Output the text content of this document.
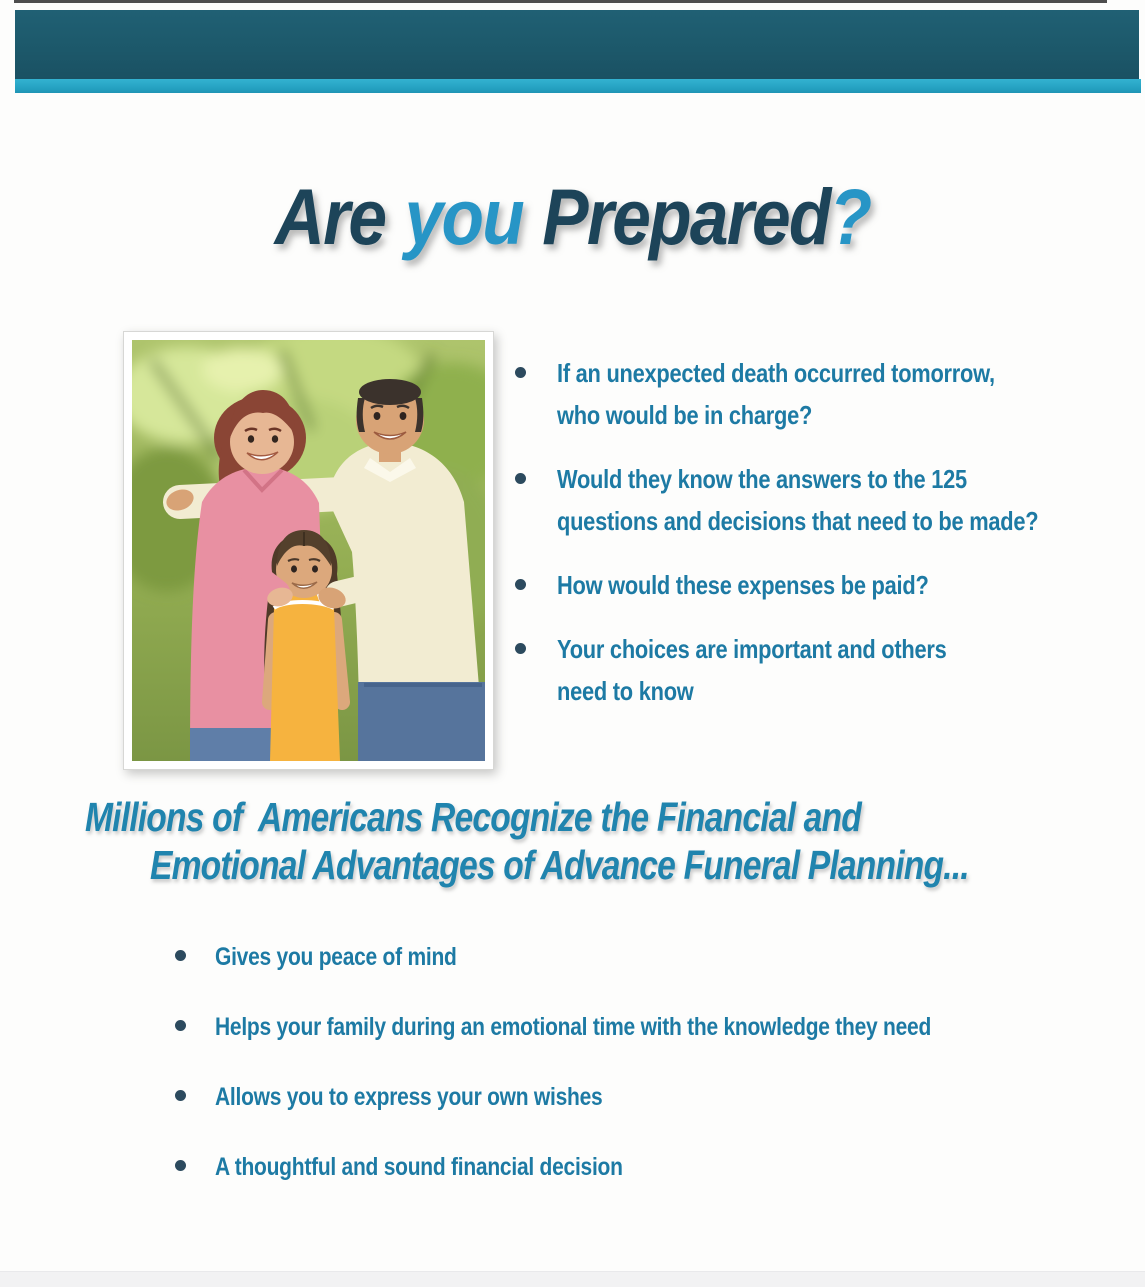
Are you Prepared?
If an unexpected death occurred tomorrow,
who would be in charge?
Would they know the answers to the 125
questions and decisions that need to be made?
How would these expenses be paid?
Your choices are important and others
need to know
Millions of  Americans Recognize the Financial and
Emotional Advantages of Advance Funeral Planning...
Gives you peace of mind
Helps your family during an emotional time with the knowledge they need
Allows you to express your own wishes
A thoughtful and sound financial decision
